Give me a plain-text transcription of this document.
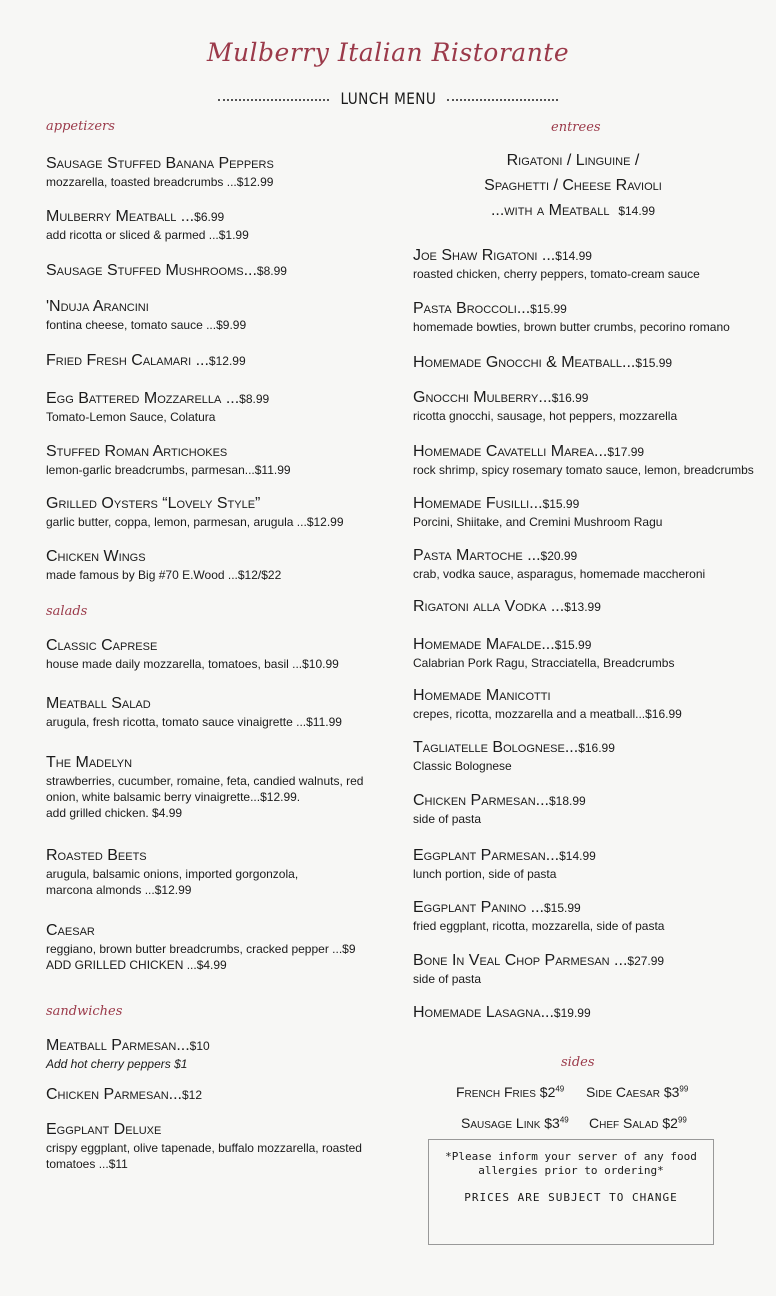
Mulberry Italian Ristorante
LUNCH MENU
appetizers
Sausage Stuffed Banana Peppers
mozzarella, toasted breadcrumbs ...$12.99
Mulberry Meatball ...$6.99
add ricotta or sliced & parmed ...$1.99
Sausage Stuffed Mushrooms...$8.99
'Nduja Arancini
fontina cheese, tomato sauce ...$9.99
Fried Fresh Calamari ...$12.99
Egg Battered Mozzarella ...$8.99
Tomato-Lemon Sauce, Colatura
Stuffed Roman Artichokes
lemon-garlic breadcrumbs, parmesan...$11.99
Grilled Oysters “Lovely Style”
garlic butter, coppa, lemon, parmesan, arugula ...$12.99
Chicken Wings
made famous by Big #70 E.Wood ...$12/$22
salads
Classic Caprese
house made daily mozzarella, tomatoes, basil ...$10.99
Meatball Salad
arugula, fresh ricotta, tomato sauce vinaigrette ...$11.99
The Madelyn
strawberries, cucumber, romaine, feta, candied walnuts, red
onion, white balsamic berry vinaigrette...$12.99.
add grilled chicken. $4.99
Roasted Beets
arugula, balsamic onions, imported gorgonzola,
marcona almonds ...$12.99
Caesar
reggiano, brown butter breadcrumbs, cracked pepper ...$9
ADD GRILLED CHICKEN ...$4.99
sandwiches
Meatball Parmesan...$10
Add hot cherry peppers $1
Chicken Parmesan...$12
Eggplant Deluxe
crispy eggplant, olive tapenade, buffalo mozzarella, roasted
tomatoes ...$11
entrees
Rigatoni / Linguine /
Spaghetti / Cheese Ravioli
...with a Meatball $14.99
Joe Shaw Rigatoni ...$14.99
roasted chicken, cherry peppers, tomato-cream sauce
Pasta Broccoli...$15.99
homemade bowties, brown butter crumbs, pecorino romano
Homemade Gnocchi & Meatball...$15.99
Gnocchi Mulberry...$16.99
ricotta gnocchi, sausage, hot peppers, mozzarella
Homemade Cavatelli Marea...$17.99
rock shrimp, spicy rosemary tomato sauce, lemon, breadcrumbs
Homemade Fusilli...$15.99
Porcini, Shiitake, and Cremini Mushroom Ragu
Pasta Martoche ...$20.99
crab, vodka sauce, asparagus, homemade maccheroni
Rigatoni alla Vodka ...$13.99
Homemade Mafalde...$15.99
Calabrian Pork Ragu, Stracciatella, Breadcrumbs
Homemade Manicotti
crepes, ricotta, mozzarella and a meatball...$16.99
Tagliatelle Bolognese...$16.99
Classic Bolognese
Chicken Parmesan...$18.99
side of pasta
Eggplant Parmesan...$14.99
lunch portion, side of pasta
Eggplant Panino ...$15.99
fried eggplant, ricotta, mozzarella, side of pasta
Bone In Veal Chop Parmesan ...$27.99
side of pasta
Homemade Lasagna...$19.99
sides
French Fries $\$2^{49}$ Side Caesar $\$3^{99}$
Sausage Link $\$3^{49}$ Chef Salad $\$2^{99}$
*Please inform your server of any food
allergies prior to ordering*
PRICES ARE SUBJECT TO CHANGE
